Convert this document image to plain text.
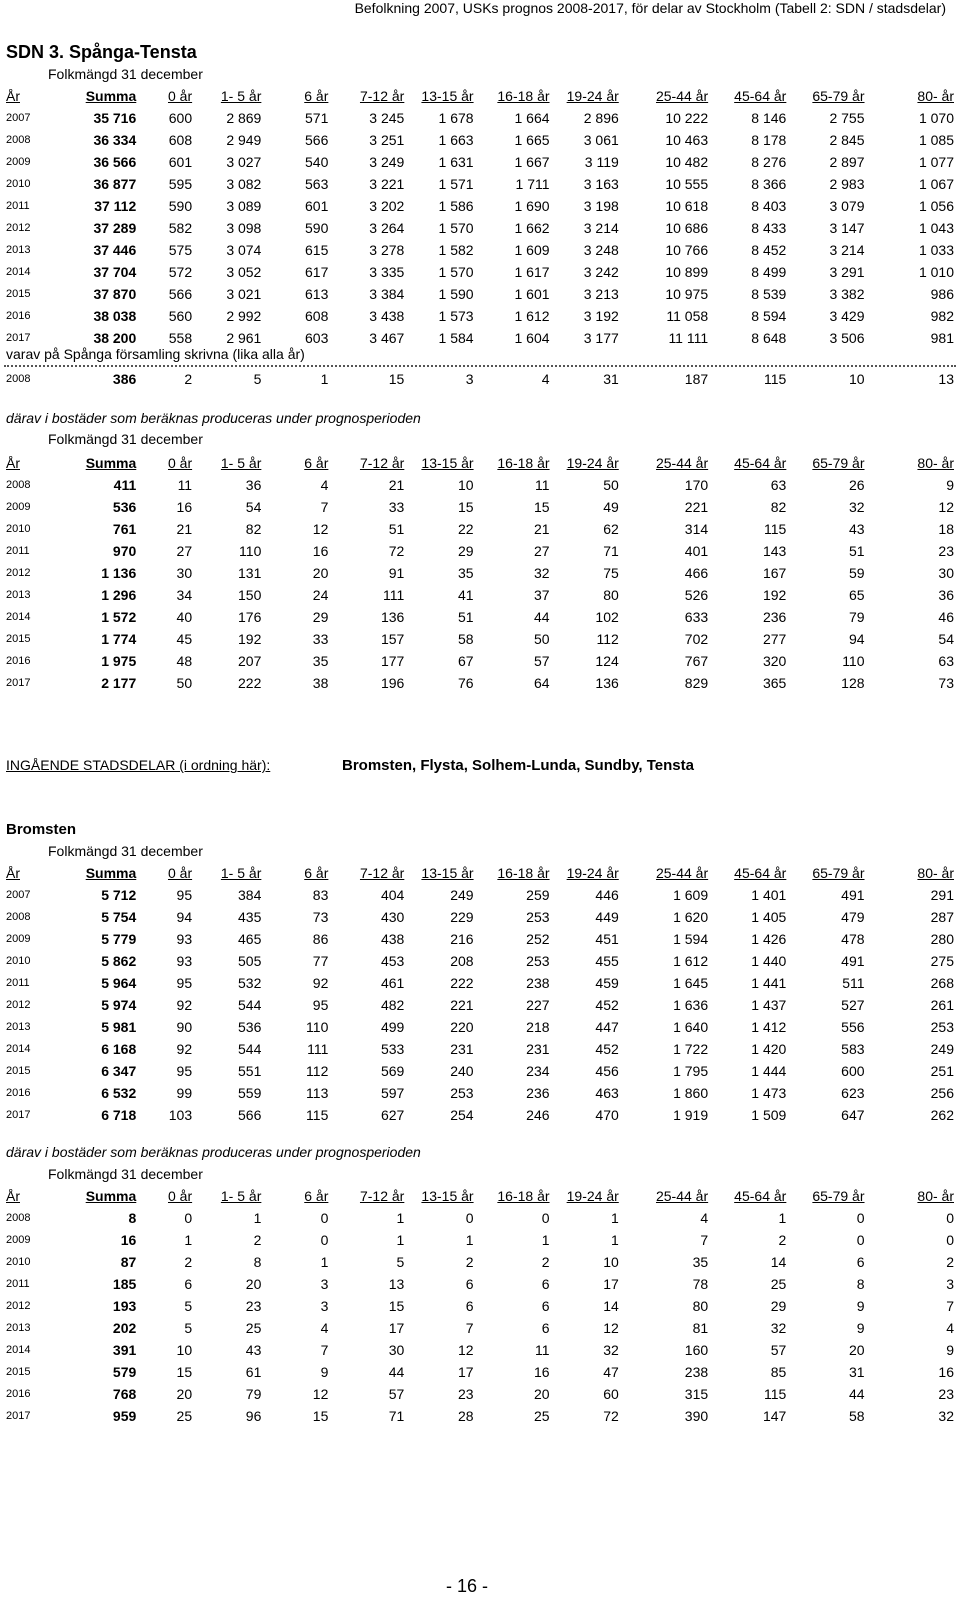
Befolkning 2007, USKs prognos 2008-2017, för delar av Stockholm (Tabell 2: SDN / stadsdelar)
SDN 3. Spånga-Tensta
Folkmängd 31 december
År	Summa	0 år	1- 5 år	6 år	7-12 år	13-15 år	16-18 år	19-24 år	25-44 år	45-64 år	65-79 år	80- år
2007	35 716	600	2 869	571	3 245	1 678	1 664	2 896	10 222	8 146	2 755	1 070
2008	36 334	608	2 949	566	3 251	1 663	1 665	3 061	10 463	8 178	2 845	1 085
2009	36 566	601	3 027	540	3 249	1 631	1 667	3 119	10 482	8 276	2 897	1 077
2010	36 877	595	3 082	563	3 221	1 571	1 711	3 163	10 555	8 366	2 983	1 067
2011	37 112	590	3 089	601	3 202	1 586	1 690	3 198	10 618	8 403	3 079	1 056
2012	37 289	582	3 098	590	3 264	1 570	1 662	3 214	10 686	8 433	3 147	1 043
2013	37 446	575	3 074	615	3 278	1 582	1 609	3 248	10 766	8 452	3 214	1 033
2014	37 704	572	3 052	617	3 335	1 570	1 617	3 242	10 899	8 499	3 291	1 010
2015	37 870	566	3 021	613	3 384	1 590	1 601	3 213	10 975	8 539	3 382	986
2016	38 038	560	2 992	608	3 438	1 573	1 612	3 192	11 058	8 594	3 429	982
2017	38 200	558	2 961	603	3 467	1 584	1 604	3 177	11 111	8 648	3 506	981
varav på Spånga församling skrivna (lika alla år)
2008	386	2	5	1	15	3	4	31	187	115	10	13
därav i bostäder som beräknas produceras under prognosperioden
Folkmängd 31 december
År	Summa	0 år	1- 5 år	6 år	7-12 år	13-15 år	16-18 år	19-24 år	25-44 år	45-64 år	65-79 år	80- år
2008	411	11	36	4	21	10	11	50	170	63	26	9
2009	536	16	54	7	33	15	15	49	221	82	32	12
2010	761	21	82	12	51	22	21	62	314	115	43	18
2011	970	27	110	16	72	29	27	71	401	143	51	23
2012	1 136	30	131	20	91	35	32	75	466	167	59	30
2013	1 296	34	150	24	111	41	37	80	526	192	65	36
2014	1 572	40	176	29	136	51	44	102	633	236	79	46
2015	1 774	45	192	33	157	58	50	112	702	277	94	54
2016	1 975	48	207	35	177	67	57	124	767	320	110	63
2017	2 177	50	222	38	196	76	64	136	829	365	128	73
INGÅENDE STADSDELAR (i ordning här):	Bromsten, Flysta, Solhem-Lunda, Sundby, Tensta
Bromsten
Folkmängd 31 december
År	Summa	0 år	1- 5 år	6 år	7-12 år	13-15 år	16-18 år	19-24 år	25-44 år	45-64 år	65-79 år	80- år
2007	5 712	95	384	83	404	249	259	446	1 609	1 401	491	291
2008	5 754	94	435	73	430	229	253	449	1 620	1 405	479	287
2009	5 779	93	465	86	438	216	252	451	1 594	1 426	478	280
2010	5 862	93	505	77	453	208	253	455	1 612	1 440	491	275
2011	5 964	95	532	92	461	222	238	459	1 645	1 441	511	268
2012	5 974	92	544	95	482	221	227	452	1 636	1 437	527	261
2013	5 981	90	536	110	499	220	218	447	1 640	1 412	556	253
2014	6 168	92	544	111	533	231	231	452	1 722	1 420	583	249
2015	6 347	95	551	112	569	240	234	456	1 795	1 444	600	251
2016	6 532	99	559	113	597	253	236	463	1 860	1 473	623	256
2017	6 718	103	566	115	627	254	246	470	1 919	1 509	647	262
därav i bostäder som beräknas produceras under prognosperioden
Folkmängd 31 december
År	Summa	0 år	1- 5 år	6 år	7-12 år	13-15 år	16-18 år	19-24 år	25-44 år	45-64 år	65-79 år	80- år
2008	8	0	1	0	1	0	0	1	4	1	0	0
2009	16	1	2	0	1	1	1	1	7	2	0	0
2010	87	2	8	1	5	2	2	10	35	14	6	2
2011	185	6	20	3	13	6	6	17	78	25	8	3
2012	193	5	23	3	15	6	6	14	80	29	9	7
2013	202	5	25	4	17	7	6	12	81	32	9	4
2014	391	10	43	7	30	12	11	32	160	57	20	9
2015	579	15	61	9	44	17	16	47	238	85	31	16
2016	768	20	79	12	57	23	20	60	315	115	44	23
2017	959	25	96	15	71	28	25	72	390	147	58	32
- 16 -
